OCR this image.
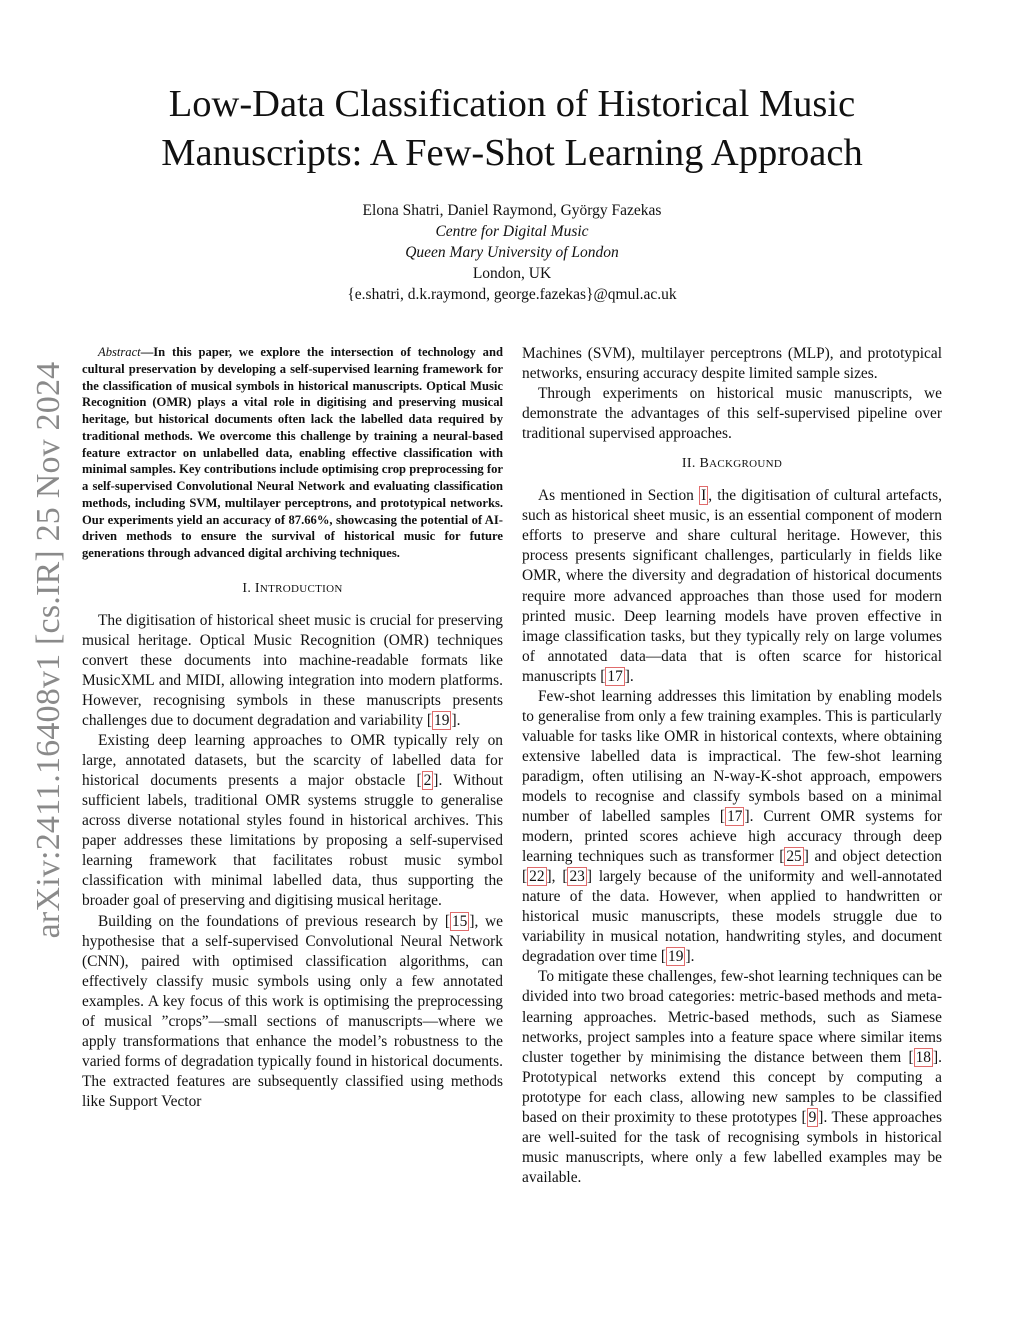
arXiv:2411.16408v1 [cs.IR] 25 Nov 2024
Low-Data Classification of Historical Music
Manuscripts: A Few-Shot Learning Approach
Elona Shatri, Daniel Raymond, György Fazekas
Centre for Digital Music
Queen Mary University of London
London, UK
{e.shatri, d.k.raymond, george.fazekas}@qmul.ac.uk

Abstract—In this paper, we explore the intersection of technology and cultural preservation by developing a self-supervised learning framework for the classification of musical symbols in historical manuscripts. Optical Music Recognition (OMR) plays a vital role in digitising and preserving musical heritage, but historical documents often lack the labelled data required by traditional methods. We overcome this challenge by training a neural-based feature extractor on unlabelled data, enabling effective classification with minimal samples. Key contributions include optimising crop preprocessing for a self-supervised Convolutional Neural Network and evaluating classification methods, including SVM, multilayer perceptrons, and prototypical networks. Our experiments yield an accuracy of 87.66%, showcasing the potential of AI-driven methods to ensure the survival of historical music for future generations through advanced digital archiving techniques.

I. INTRODUCTION

The digitisation of historical sheet music is crucial for preserving musical heritage. Optical Music Recognition (OMR) techniques convert these documents into machine-readable formats like MusicXML and MIDI, allowing integration into modern platforms. However, recognising symbols in these manuscripts presents challenges due to document degradation and variability [ 19 ].

Existing deep learning approaches to OMR typically rely on large, annotated datasets, but the scarcity of labelled data for historical documents presents a major obstacle [ 2 ]. Without sufficient labels, traditional OMR systems struggle to generalise across diverse notational styles found in historical archives. This paper addresses these limitations by proposing a self-supervised learning framework that facilitates robust music symbol classification with minimal labelled data, thus supporting the broader goal of preserving and digitising musical heritage.

Building on the foundations of previous research by [ 15 ], we hypothesise that a self-supervised Convolutional Neural Network (CNN), paired with optimised classification algorithms, can effectively classify music symbols using only a few annotated examples. A key focus of this work is optimising the preprocessing of musical ”crops”—small sections of manuscripts—where we apply transformations that enhance the model’s robustness to the varied forms of degradation typically found in historical documents. The extracted features are subsequently classified using methods like Support Vector

Machines (SVM), multilayer perceptrons (MLP), and prototypical networks, ensuring accuracy despite limited sample sizes.

Through experiments on historical music manuscripts, we demonstrate the advantages of this self-supervised pipeline over traditional supervised approaches.

II. BACKGROUND

As mentioned in Section I , the digitisation of cultural artefacts, such as historical sheet music, is an essential component of modern efforts to preserve and share cultural heritage. However, this process presents significant challenges, particularly in fields like OMR, where the diversity and degradation of historical documents require more advanced approaches than those used for modern printed music. Deep learning models have proven effective in image classification tasks, but they typically rely on large volumes of annotated data—data that is often scarce for historical manuscripts [ 17 ].

Few-shot learning addresses this limitation by enabling models to generalise from only a few training examples. This is particularly valuable for tasks like OMR in historical contexts, where obtaining extensive labelled data is impractical. The few-shot learning paradigm, often utilising an N-way-K-shot approach, empowers models to recognise and classify symbols based on a minimal number of labelled samples [ 17 ]. Current OMR systems for modern, printed scores achieve high accuracy through deep learning techniques such as transformer [ 25 ] and object detection [ 22 ], [ 23 ] largely because of the uniformity and well-annotated nature of the data. However, when applied to handwritten or historical music manuscripts, these models struggle due to variability in musical notation, handwriting styles, and document degradation over time [ 19 ].

To mitigate these challenges, few-shot learning techniques can be divided into two broad categories: metric-based methods and meta-learning approaches. Metric-based methods, such as Siamese networks, project samples into a feature space where similar items cluster together by minimising the distance between them [ 18 ]. Prototypical networks extend this concept by computing a prototype for each class, allowing new samples to be classified based on their proximity to these prototypes [ 9 ]. These approaches are well-suited for the task of recognising symbols in historical music manuscripts, where only a few labelled examples may be available.
